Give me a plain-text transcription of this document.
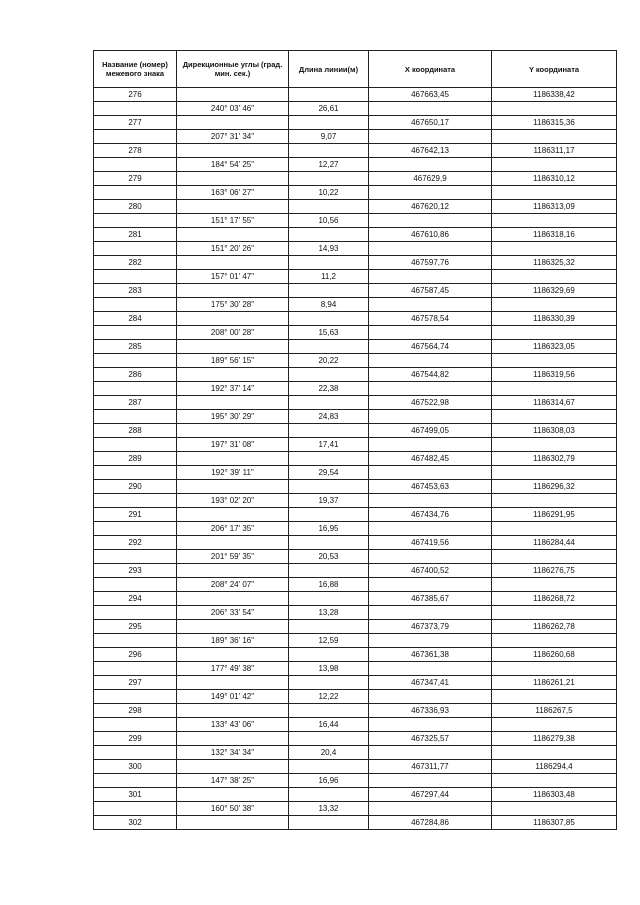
Название (номер) межевого знака	Дирекционные углы (град. мин. сек.)	Длина линии(м)	X координата	Y координата
276			467663,45	1186338,42
	240° 03' 46"	26,61		
277			467650,17	1186315,36
	207° 31' 34"	9,07		
278			467642,13	1186311,17
	184° 54' 25"	12,27		
279			467629,9	1186310,12
	163° 06' 27"	10,22		
280			467620,12	1186313,09
	151° 17' 55"	10,56		
281			467610,86	1186318,16
	151° 20' 26"	14,93		
282			467597,76	1186325,32
	157° 01' 47"	11,2		
283			467587,45	1186329,69
	175° 30' 28"	8,94		
284			467578,54	1186330,39
	208° 00' 28"	15,63		
285			467564,74	1186323,05
	189° 56' 15"	20,22		
286			467544,82	1186319,56
	192° 37' 14"	22,38		
287			467522,98	1186314,67
	195° 30' 29"	24,83		
288			467499,05	1186308,03
	197° 31' 08"	17,41		
289			467482,45	1186302,79
	192° 39' 11"	29,54		
290			467453,63	1186296,32
	193° 02' 20"	19,37		
291			467434,76	1186291,95
	206° 17' 35"	16,95		
292			467419,56	1186284,44
	201° 59' 35"	20,53		
293			467400,52	1186276,75
	208° 24' 07"	16,88		
294			467385,67	1186268,72
	206° 33' 54"	13,28		
295			467373,79	1186262,78
	189° 36' 16"	12,59		
296			467361,38	1186260,68
	177° 49' 38"	13,98		
297			467347,41	1186261,21
	149° 01' 42"	12,22		
298			467336,93	1186267,5
	133° 43' 06"	16,44		
299			467325,57	1186279,38
	132° 34' 34"	20,4		
300			467311,77	1186294,4
	147° 38' 25"	16,96		
301			467297,44	1186303,48
	160° 50' 38"	13,32		
302			467284,86	1186307,85
